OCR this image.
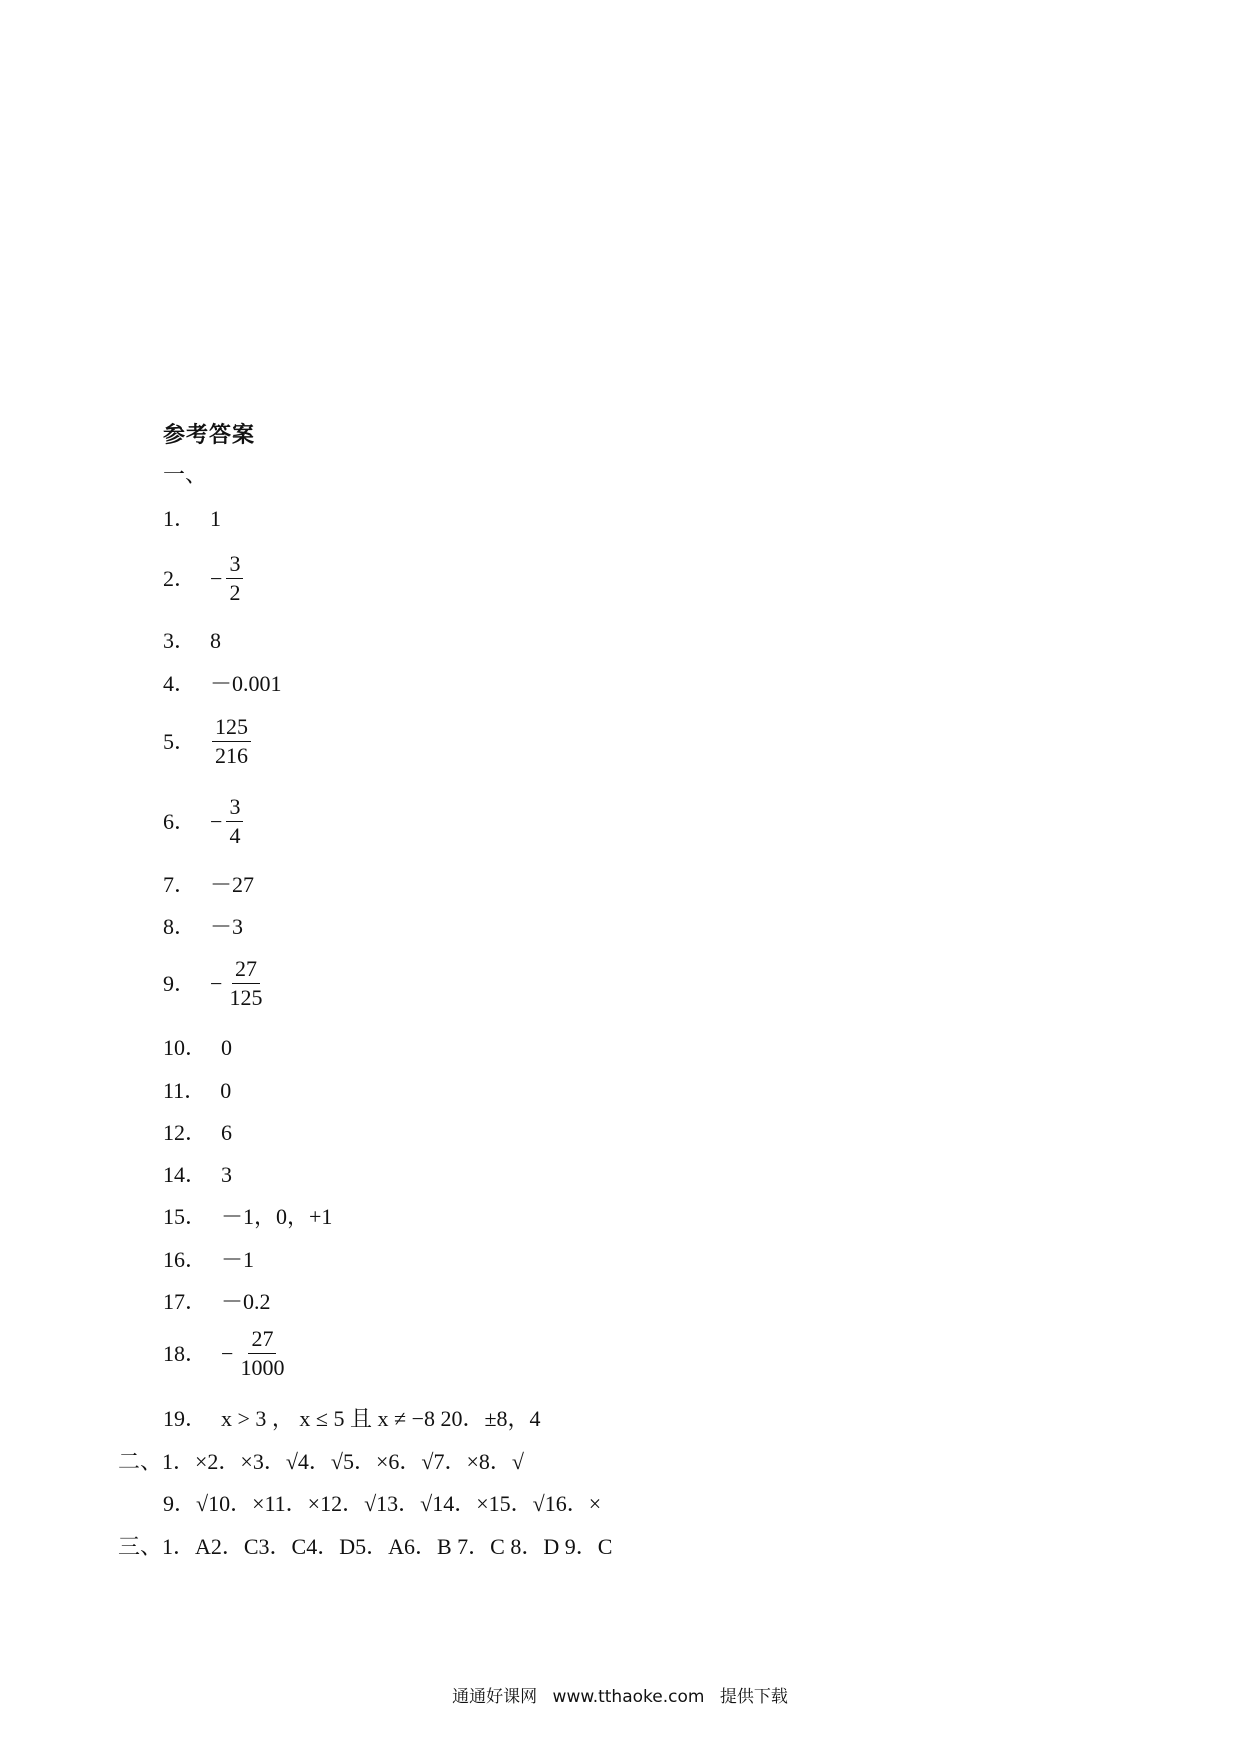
参考答案
一、
1． 1
2． − $\frac{3}{2}$
3． 8
4． －0.001
5． $\frac{125}{216}$
6． − $\frac{3}{4}$
7． －27
8． －3
9． − $\frac{27}{125}$
10． 0
11． 0
12． 6
14． 3
15． －1，0，+1
16． －1
17． －0.2
18． − $\frac{27}{1000}$
19． x > 3 ， x ≤ 5 且 x ≠ −8 20．±8，4
二、1．×2．×3．√4．√5．×6．√7．×8．√
9．√10．×11．×12．√13．√14．×15．√16．×
三、1．A2．C3．C4．D5．A6．B 7．C 8．D 9．C
通通好课网 www.tthaoke.com 提供下载
